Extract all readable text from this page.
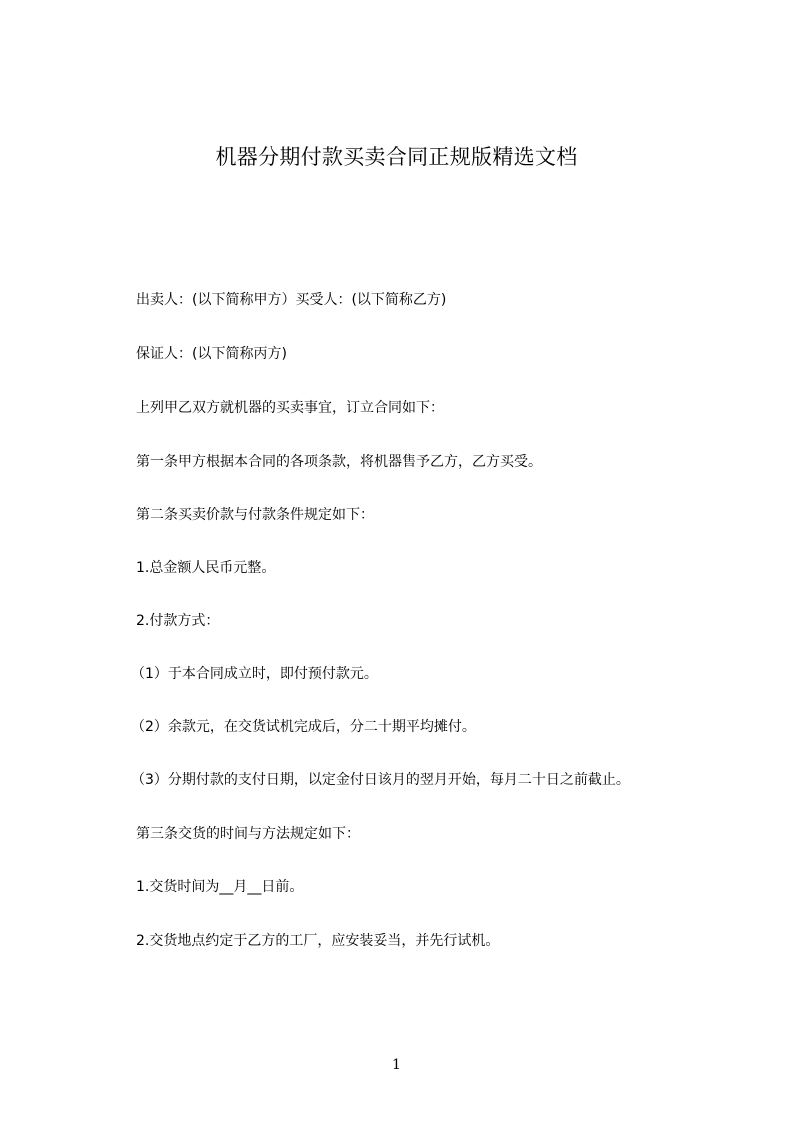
机器分期付款买卖合同正规版精选文档
出卖人：(以下简称甲方）买受人：(以下简称乙方)
保证人：(以下简称丙方)
上列甲乙双方就机器的买卖事宜，订立合同如下：
第一条甲方根据本合同的各项条款，将机器售予乙方，乙方买受。
第二条买卖价款与付款条件规定如下：
1.总金额人民币元整。
2.付款方式：
（1）于本合同成立时，即付预付款元。
（2）余款元，在交货试机完成后，分二十期平均摊付。
（3）分期付款的支付日期，以定金付日该月的翌月开始，每月二十日之前截止。
第三条交货的时间与方法规定如下：
1.交货时间为__月__日前。
2.交货地点约定于乙方的工厂，应安装妥当，并先行试机。
1
